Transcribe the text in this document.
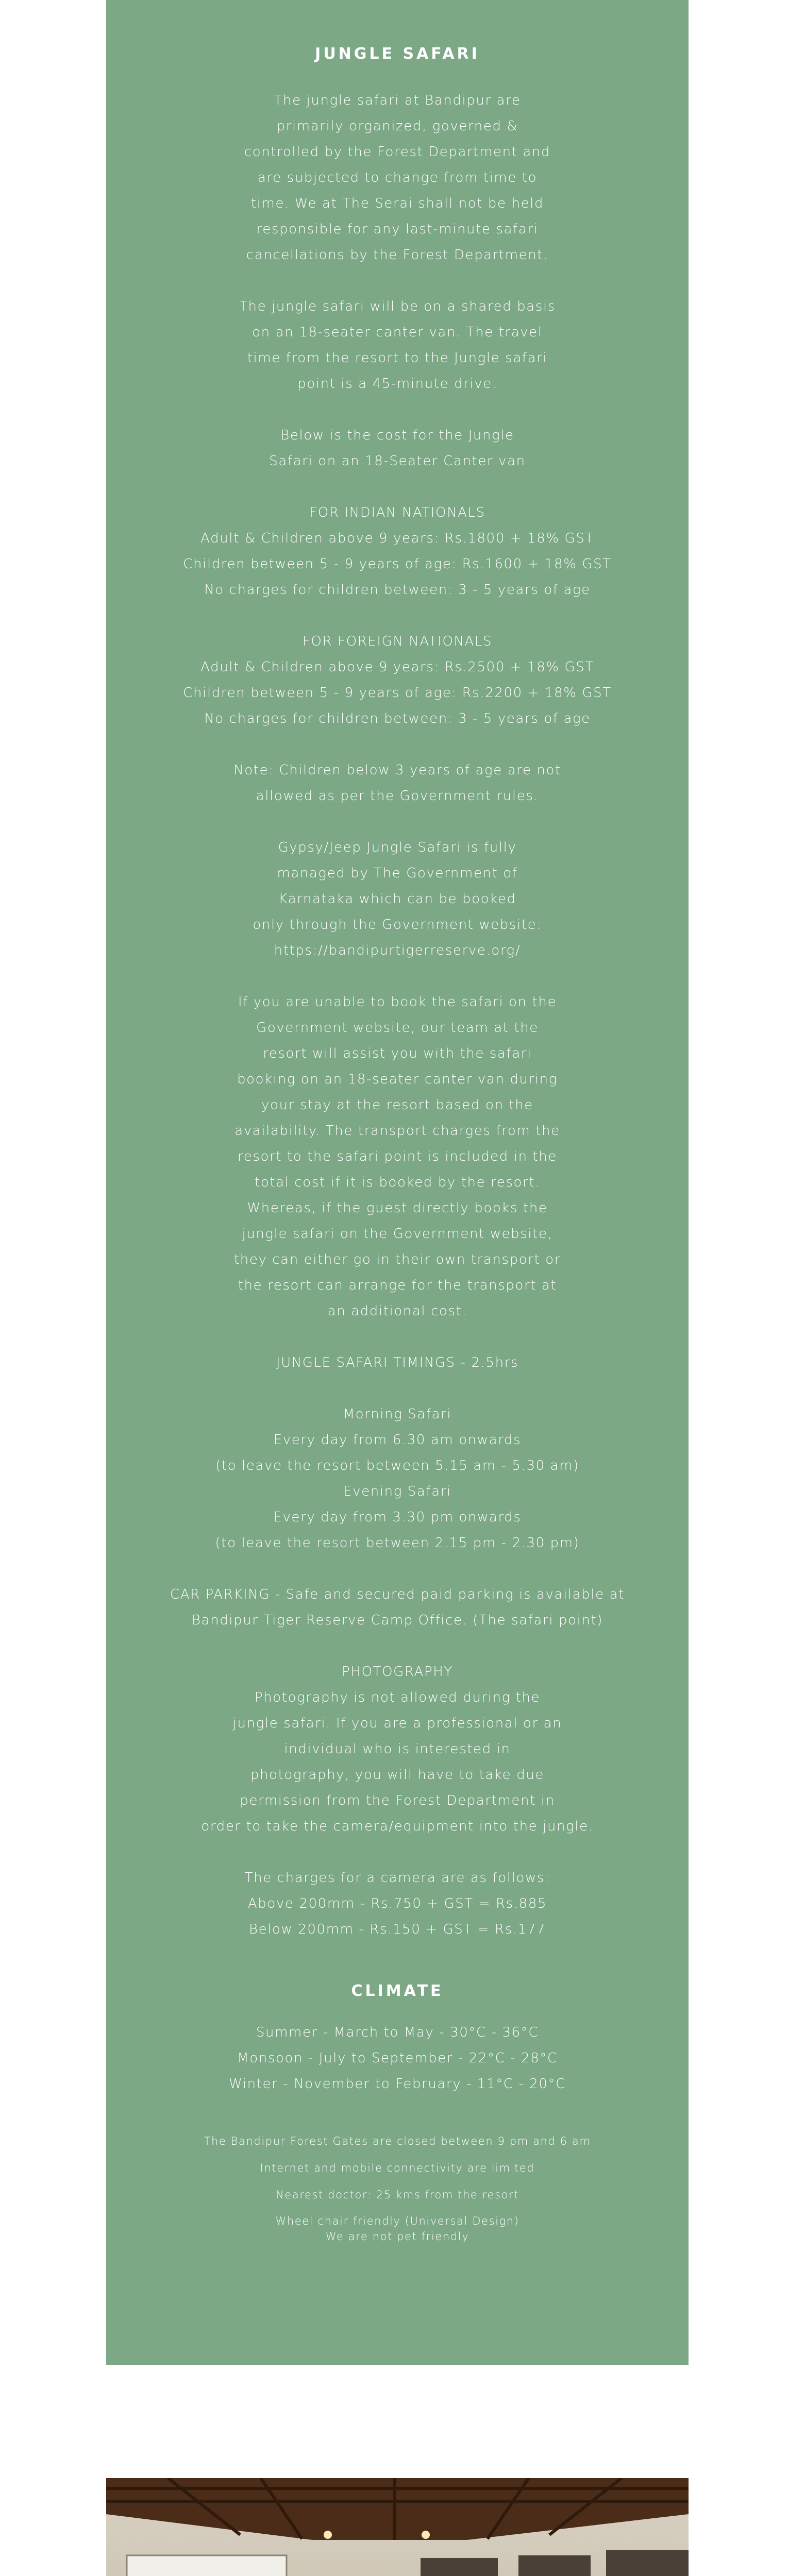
JUNGLE SAFARI
The jungle safari at Bandipur are
primarily organized, governed &
controlled by the Forest Department and
are subjected to change from time to
time. We at The Serai shall not be held
responsible for any last-minute safari
cancellations by the Forest Department.
The jungle safari will be on a shared basis
on an 18-seater canter van. The travel
time from the resort to the Jungle safari
point is a 45-minute drive.
Below is the cost for the Jungle
Safari on an 18-Seater Canter van
FOR INDIAN NATIONALS
Adult & Children above 9 years: Rs.1800 + 18% GST
Children between 5 - 9 years of age: Rs.1600 + 18% GST
No charges for children between: 3 - 5 years of age
FOR FOREIGN NATIONALS
Adult & Children above 9 years: Rs.2500 + 18% GST
Children between 5 - 9 years of age: Rs.2200 + 18% GST
No charges for children between: 3 - 5 years of age
Note: Children below 3 years of age are not
allowed as per the Government rules.
Gypsy/Jeep Jungle Safari is fully
managed by The Government of
Karnataka which can be booked
only through the Government website:
https://bandipurtigerreserve.org/
If you are unable to book the safari on the
Government website, our team at the
resort will assist you with the safari
booking on an 18-seater canter van during
your stay at the resort based on the
availability. The transport charges from the
resort to the safari point is included in the
total cost if it is booked by the resort.
Whereas, if the guest directly books the
jungle safari on the Government website,
they can either go in their own transport or
the resort can arrange for the transport at
an additional cost.
JUNGLE SAFARI TIMINGS - 2.5hrs
Morning Safari
Every day from 6.30 am onwards
(to leave the resort between 5.15 am - 5.30 am)
Evening Safari
Every day from 3.30 pm onwards
(to leave the resort between 2.15 pm - 2.30 pm)
CAR PARKING - Safe and secured paid parking is available at
Bandipur Tiger Reserve Camp Office. (The safari point)
PHOTOGRAPHY
Photography is not allowed during the
jungle safari. If you are a professional or an
individual who is interested in
photography, you will have to take due
permission from the Forest Department in
order to take the camera/equipment into the jungle.
The charges for a camera are as follows:
Above 200mm - Rs.750 + GST = Rs.885
Below 200mm - Rs.150 + GST = Rs.177
CLIMATE
Summer - March to May - 30°C - 36°C
Monsoon - July to September - 22°C - 28°C
Winter - November to February - 11°C - 20°C
The Bandipur Forest Gates are closed between 9 pm and 6 am
Internet and mobile connectivity are limited
Nearest doctor: 25 kms from the resort
Wheel chair friendly (Universal Design)
We are not pet friendly
